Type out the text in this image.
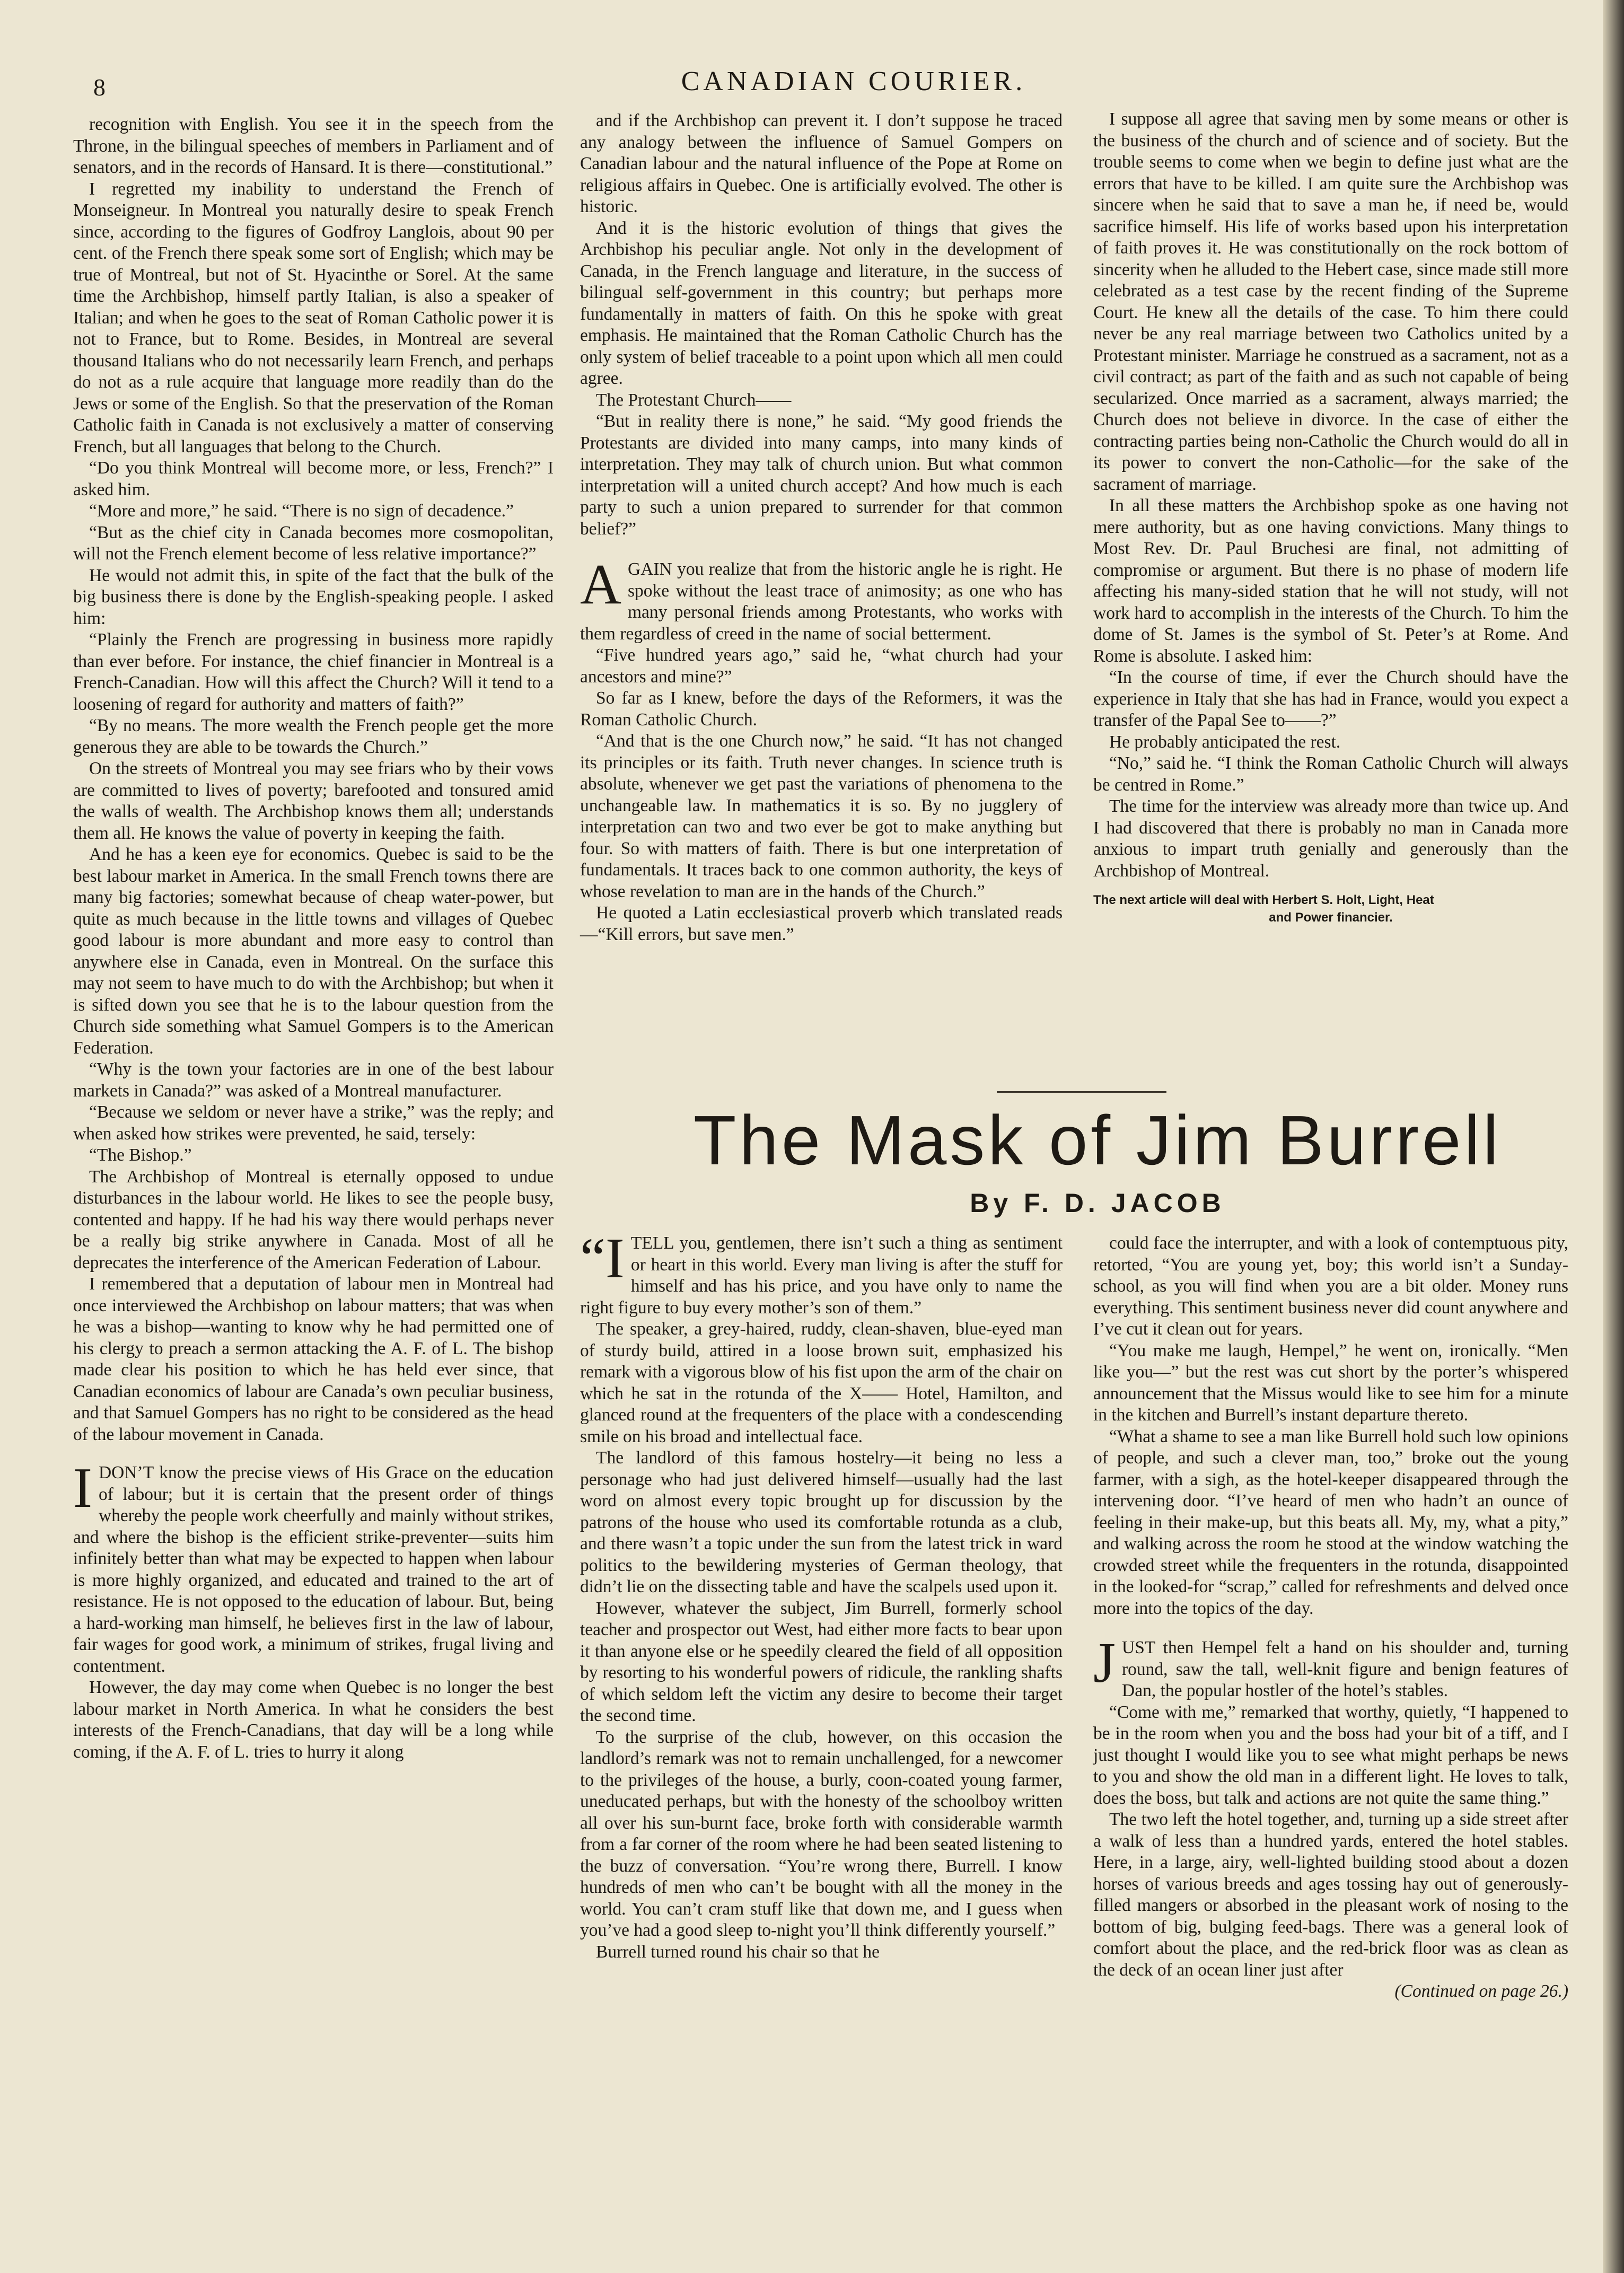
8	CANADIAN COURIER.

recognition with English. You see it in the speech from the Throne, in the bilingual speeches of members in Parliament and of senators, and in the records of Hansard. It is there—constitutional.”

I regretted my inability to understand the French of Monseigneur. In Montreal you naturally desire to speak French since, according to the figures of Godfroy Langlois, about 90 per cent. of the French there speak some sort of English; which may be true of Montreal, but not of St. Hyacinthe or Sorel. At the same time the Archbishop, himself partly Italian, is also a speaker of Italian; and when he goes to the seat of Roman Catholic power it is not to France, but to Rome. Besides, in Montreal are several thousand Italians who do not necessarily learn French, and perhaps do not as a rule acquire that language more readily than do the Jews or some of the English. So that the preservation of the Roman Catholic faith in Canada is not exclusively a matter of conserving French, but all languages that belong to the Church.

“Do you think Montreal will become more, or less, French?” I asked him.

“More and more,” he said. “There is no sign of decadence.”

“But as the chief city in Canada becomes more cosmopolitan, will not the French element become of less relative importance?”

He would not admit this, in spite of the fact that the bulk of the big business there is done by the English-speaking people. I asked him:

“Plainly the French are progressing in business more rapidly than ever before. For instance, the chief financier in Montreal is a French-Canadian. How will this affect the Church? Will it tend to a loosening of regard for authority and matters of faith?”

“By no means. The more wealth the French people get the more generous they are able to be towards the Church.”

On the streets of Montreal you may see friars who by their vows are committed to lives of poverty; barefooted and tonsured amid the walls of wealth. The Archbishop knows them all; understands them all. He knows the value of poverty in keeping the faith.

And he has a keen eye for economics. Quebec is said to be the best labour market in America. In the small French towns there are many big factories; somewhat because of cheap water-power, but quite as much because in the little towns and villages of Quebec good labour is more abundant and more easy to control than anywhere else in Canada, even in Montreal. On the surface this may not seem to have much to do with the Archbishop; but when it is sifted down you see that he is to the labour question from the Church side something what Samuel Gompers is to the American Federation.

“Why is the town your factories are in one of the best labour markets in Canada?” was asked of a Montreal manufacturer.

“Because we seldom or never have a strike,” was the reply; and when asked how strikes were prevented, he said, tersely:

“The Bishop.”

The Archbishop of Montreal is eternally opposed to undue disturbances in the labour world. He likes to see the people busy, contented and happy. If he had his way there would perhaps never be a really big strike anywhere in Canada. Most of all he deprecates the interference of the American Federation of Labour.

I remembered that a deputation of labour men in Montreal had once interviewed the Archbishop on labour matters; that was when he was a bishop—wanting to know why he had permitted one of his clergy to preach a sermon attacking the A. F. of L. The bishop made clear his position to which he has held ever since, that Canadian economics of labour are Canada’s own peculiar business, and that Samuel Gompers has no right to be considered as the head of the labour movement in Canada.

I DON’T know the precise views of His Grace on the education of labour; but it is certain that the present order of things whereby the people work cheerfully and mainly without strikes, and where the bishop is the efficient strike-preventer—suits him infinitely better than what may be expected to happen when labour is more highly organized, and educated and trained to the art of resistance. He is not opposed to the education of labour. But, being a hard-working man himself, he believes first in the law of labour, fair wages for good work, a minimum of strikes, frugal living and contentment.

However, the day may come when Quebec is no longer the best labour market in North America. In what he considers the best interests of the French-Canadians, that day will be a long while coming, if the A. F. of L. tries to hurry it along

and if the Archbishop can prevent it. I don’t suppose he traced any analogy between the influence of Samuel Gompers on Canadian labour and the natural influence of the Pope at Rome on religious affairs in Quebec. One is artificially evolved. The other is historic.

And it is the historic evolution of things that gives the Archbishop his peculiar angle. Not only in the development of Canada, in the French language and literature, in the success of bilingual self-government in this country; but perhaps more fundamentally in matters of faith. On this he spoke with great emphasis. He maintained that the Roman Catholic Church has the only system of belief traceable to a point upon which all men could agree.

The Protestant Church——

“But in reality there is none,” he said. “My good friends the Protestants are divided into many camps, into many kinds of interpretation. They may talk of church union. But what common interpretation will a united church accept? And how much is each party to such a union prepared to surrender for that common belief?”

AGAIN you realize that from the historic angle he is right. He spoke without the least trace of animosity; as one who has many personal friends among Protestants, who works with them regardless of creed in the name of social betterment.

“Five hundred years ago,” said he, “what church had your ancestors and mine?”

So far as I knew, before the days of the Reformers, it was the Roman Catholic Church.

“And that is the one Church now,” he said. “It has not changed its principles or its faith. Truth never changes. In science truth is absolute, whenever we get past the variations of phenomena to the unchangeable law. In mathematics it is so. By no jugglery of interpretation can two and two ever be got to make anything but four. So with matters of faith. There is but one interpretation of fundamentals. It traces back to one common authority, the keys of whose revelation to man are in the hands of the Church.”

He quoted a Latin ecclesiastical proverb which translated reads—“Kill errors, but save men.”

I suppose all agree that saving men by some means or other is the business of the church and of science and of society. But the trouble seems to come when we begin to define just what are the errors that have to be killed. I am quite sure the Archbishop was sincere when he said that to save a man he, if need be, would sacrifice himself. His life of works based upon his interpretation of faith proves it. He was constitutionally on the rock bottom of sincerity when he alluded to the Hebert case, since made still more celebrated as a test case by the recent finding of the Supreme Court. He knew all the details of the case. To him there could never be any real marriage between two Catholics united by a Protestant minister. Marriage he construed as a sacrament, not as a civil contract; as part of the faith and as such not capable of being secularized. Once married as a sacrament, always married; the Church does not believe in divorce. In the case of either the contracting parties being non-Catholic the Church would do all in its power to convert the non-Catholic—for the sake of the sacrament of marriage.

In all these matters the Archbishop spoke as one having not mere authority, but as one having convictions. Many things to Most Rev. Dr. Paul Bruchesi are final, not admitting of compromise or argument. But there is no phase of modern life affecting his many-sided station that he will not study, will not work hard to accomplish in the interests of the Church. To him the dome of St. James is the symbol of St. Peter’s at Rome. And Rome is absolute. I asked him:

“In the course of time, if ever the Church should have the experience in Italy that she has had in France, would you expect a transfer of the Papal See to——?”

He probably anticipated the rest.

“No,” said he. “I think the Roman Catholic Church will always be centred in Rome.”

The time for the interview was already more than twice up. And I had discovered that there is probably no man in Canada more anxious to impart truth genially and generously than the Archbishop of Montreal.

The next article will deal with Herbert S. Holt, Light, Heat
and Power financier.

The Mask of Jim Burrell
By F. D. JACOB

“ITELL you, gentlemen, there isn’t such a thing as sentiment or heart in this world. Every man living is after the stuff for himself and has his price, and you have only to name the right figure to buy every mother’s son of them.”

The speaker, a grey-haired, ruddy, clean-shaven, blue-eyed man of sturdy build, attired in a loose brown suit, emphasized his remark with a vigorous blow of his fist upon the arm of the chair on which he sat in the rotunda of the X—— Hotel, Hamilton, and glanced round at the frequenters of the place with a condescending smile on his broad and intellectual face.

The landlord of this famous hostelry—it being no less a personage who had just delivered himself—usually had the last word on almost every topic brought up for discussion by the patrons of the house who used its comfortable rotunda as a club, and there wasn’t a topic under the sun from the latest trick in ward politics to the bewildering mysteries of German theology, that didn’t lie on the dissecting table and have the scalpels used upon it.

However, whatever the subject, Jim Burrell, formerly school teacher and prospector out West, had either more facts to bear upon it than anyone else or he speedily cleared the field of all opposition by resorting to his wonderful powers of ridicule, the rankling shafts of which seldom left the victim any desire to become their target the second time.

To the surprise of the club, however, on this occasion the landlord’s remark was not to remain unchallenged, for a newcomer to the privileges of the house, a burly, coon-coated young farmer, uneducated perhaps, but with the honesty of the schoolboy written all over his sun-burnt face, broke forth with considerable warmth from a far corner of the room where he had been seated listening to the buzz of conversation. “You’re wrong there, Burrell. I know hundreds of men who can’t be bought with all the money in the world. You can’t cram stuff like that down me, and I guess when you’ve had a good sleep to-night you’ll think differently yourself.”

Burrell turned round his chair so that he

could face the interrupter, and with a look of contemptuous pity, retorted, “You are young yet, boy; this world isn’t a Sunday-school, as you will find when you are a bit older. Money runs everything. This sentiment business never did count anywhere and I’ve cut it clean out for years.

“You make me laugh, Hempel,” he went on, ironically. “Men like you—” but the rest was cut short by the porter’s whispered announcement that the Missus would like to see him for a minute in the kitchen and Burrell’s instant departure thereto.

“What a shame to see a man like Burrell hold such low opinions of people, and such a clever man, too,” broke out the young farmer, with a sigh, as the hotel-keeper disappeared through the intervening door. “I’ve heard of men who hadn’t an ounce of feeling in their make-up, but this beats all. My, my, what a pity,” and walking across the room he stood at the window watching the crowded street while the frequenters in the rotunda, disappointed in the looked-for “scrap,” called for refreshments and delved once more into the topics of the day.

JUST then Hempel felt a hand on his shoulder and, turning round, saw the tall, well-knit figure and benign features of Dan, the popular hostler of the hotel’s stables.

“Come with me,” remarked that worthy, quietly, “I happened to be in the room when you and the boss had your bit of a tiff, and I just thought I would like you to see what might perhaps be news to you and show the old man in a different light. He loves to talk, does the boss, but talk and actions are not quite the same thing.”

The two left the hotel together, and, turning up a side street after a walk of less than a hundred yards, entered the hotel stables. Here, in a large, airy, well-lighted building stood about a dozen horses of various breeds and ages tossing hay out of generously-filled mangers or absorbed in the pleasant work of nosing to the bottom of big, bulging feed-bags. There was a general look of comfort about the place, and the red-brick floor was as clean as the deck of an ocean liner just after

(Continued on page 26.)
